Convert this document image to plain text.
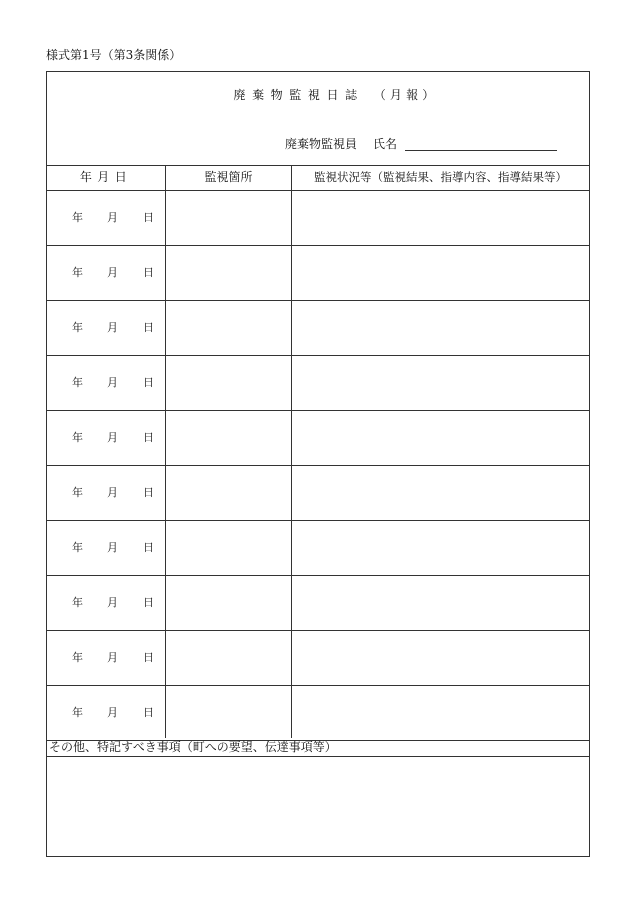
様式第1号（第3条関係）
廃棄物監視日誌 （月報）
廃棄物監視員 氏名
年月日	監視箇所	監視状況等（監視結果、指導内容、指導結果等）
年 月 日
年 月 日
年 月 日
年 月 日
年 月 日
年 月 日
年 月 日
年 月 日
年 月 日
年 月 日
その他、特記すべき事項（町への要望、伝達事項等）
